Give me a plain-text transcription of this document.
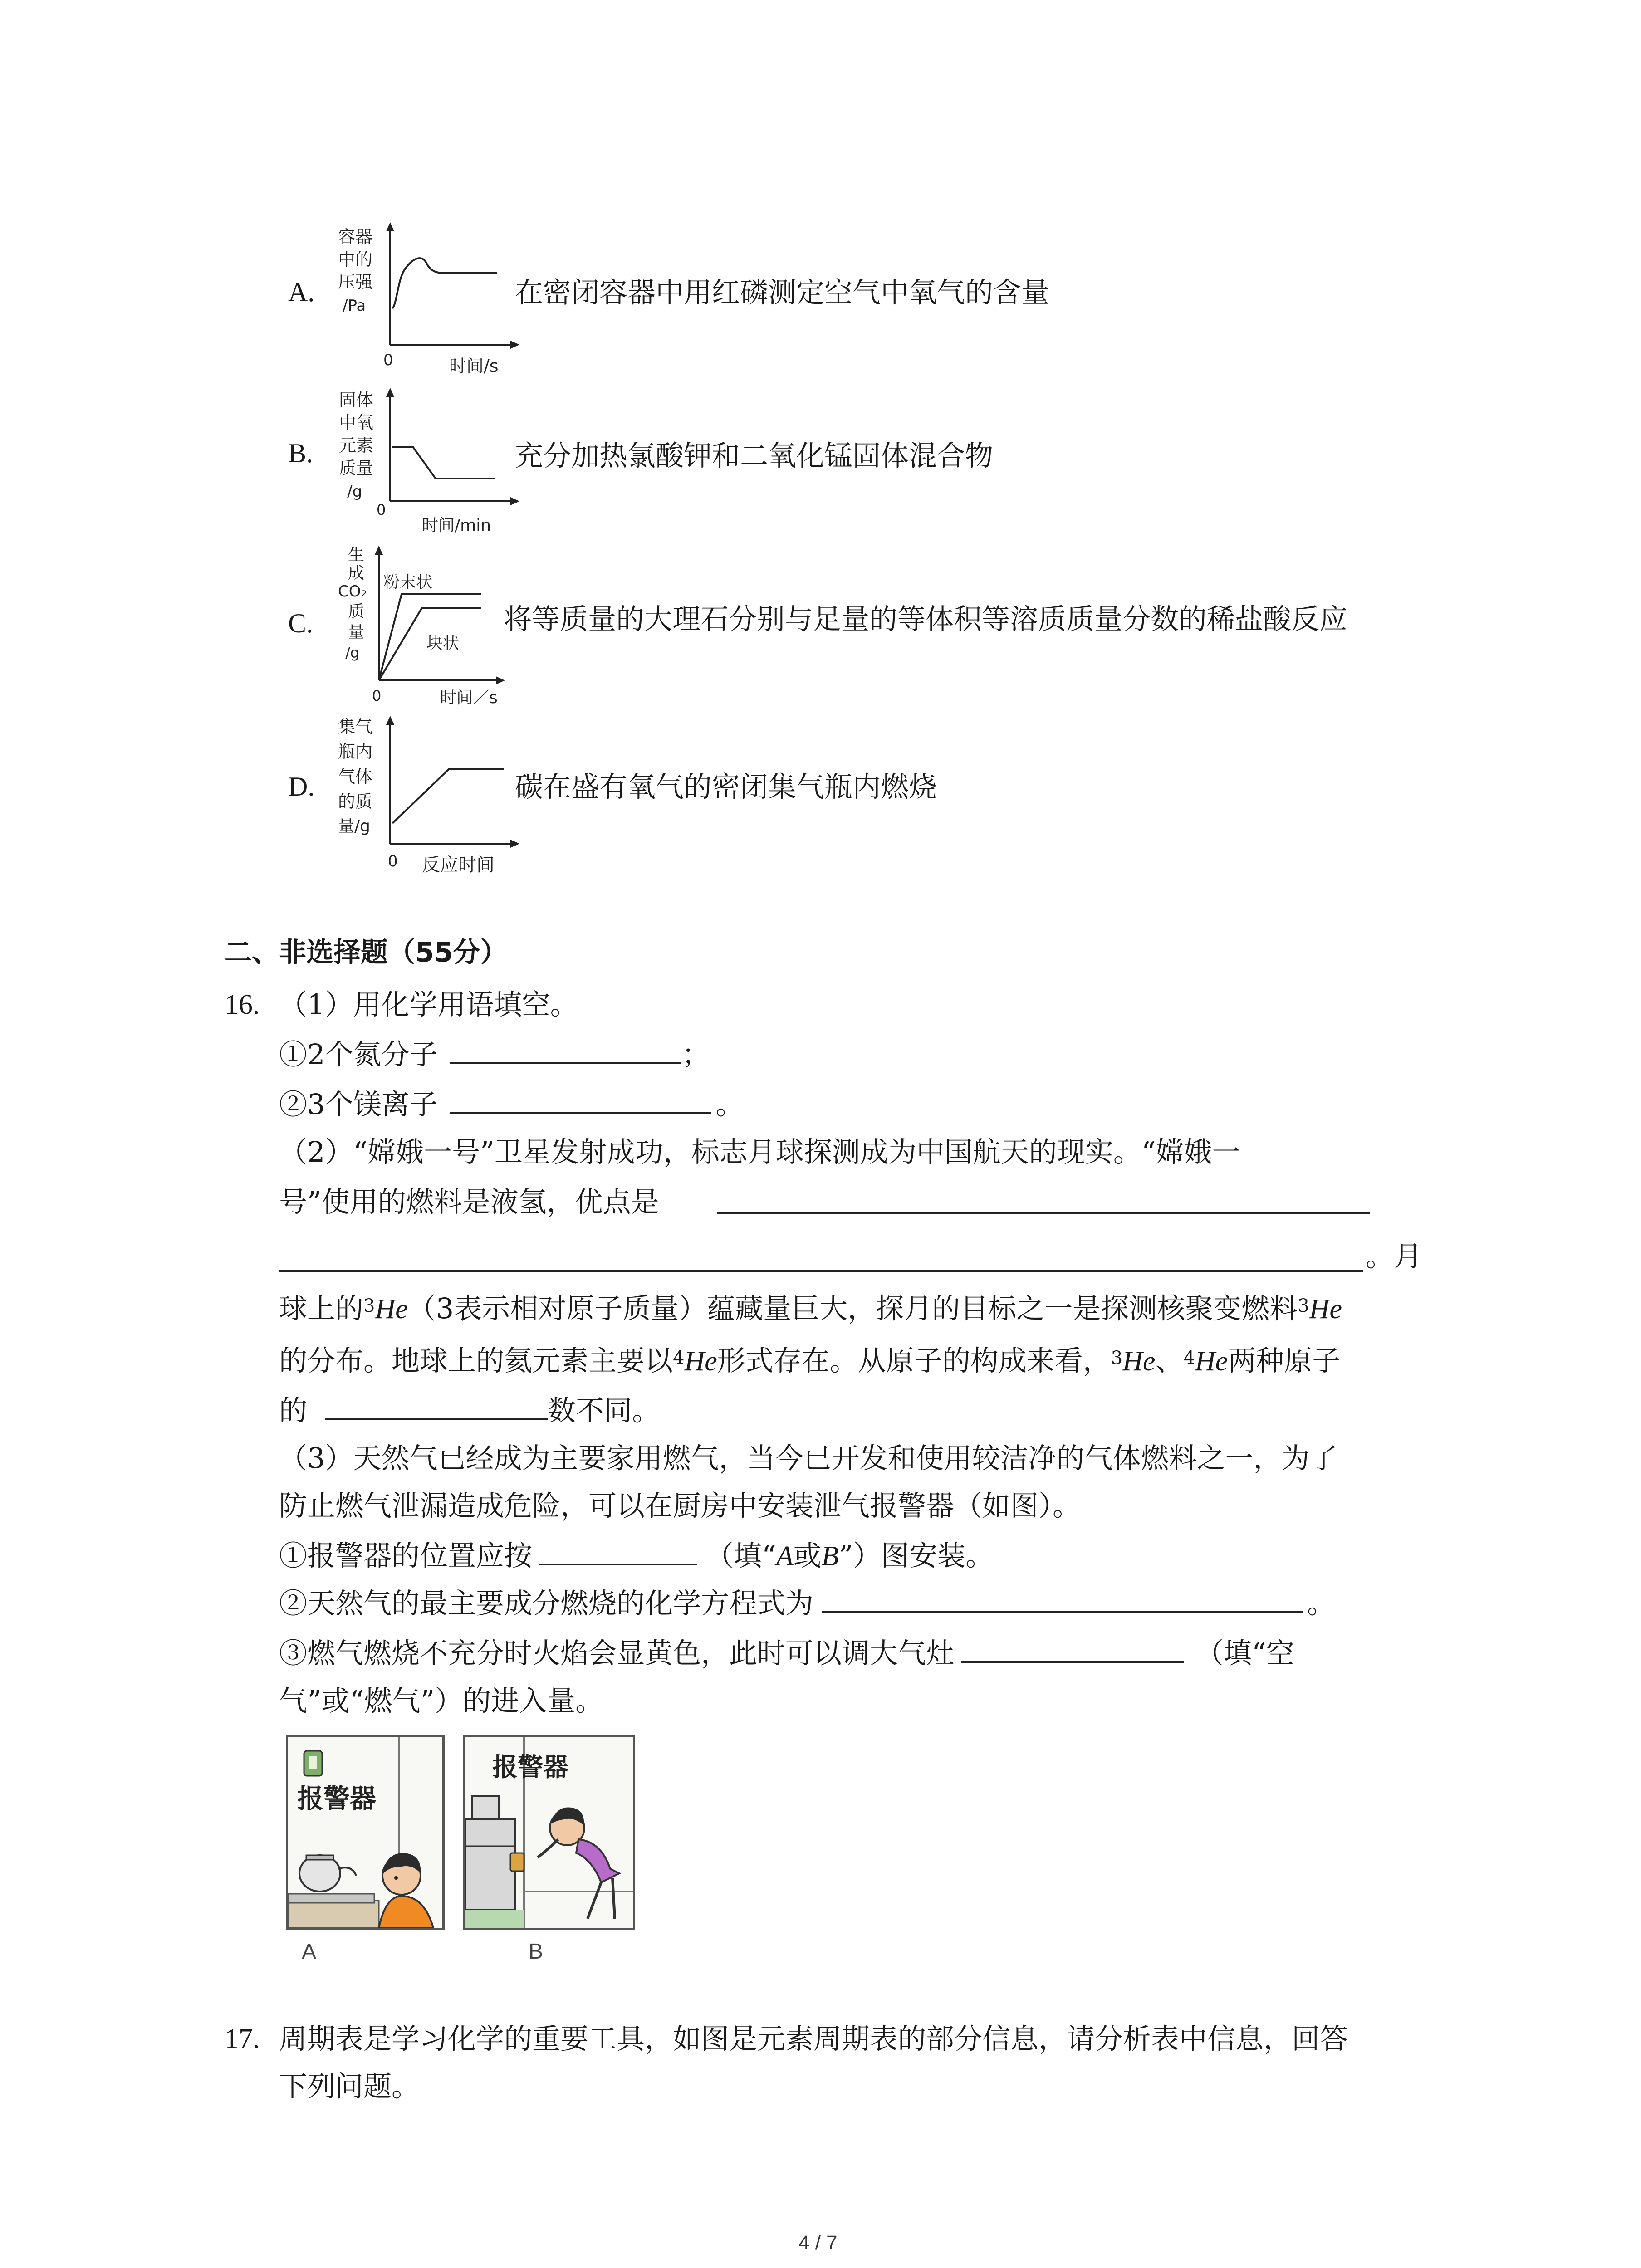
A.
容器
中的
压强
/Pa
0	时间/s
在密闭容器中用红磷测定空气中氧气的含量
B.
固体
中氧
元素
质量
/g
0
时间/min
充分加热氯酸钾和二氧化锰固体混合物
C.
生
成
CO₂
质
量
/g
粉末状
块状
0	时间／s
将等质量的大理石分别与足量的等体积等溶质质量分数的稀盐酸反应
D.
集气
瓶内
气体
的质
量/g
0 反应时间
碳在盛有氧气的密闭集气瓶内燃烧
二、非选择题（55分）
16. （1）用化学用语填空。
①2个氮分子	；
②3个镁离子	。
（2）“嫦娥一号”卫星发射成功，标志月球探测成为中国航天的现实。“嫦娥一
号”使用的燃料是液氢，优点是
。月
球上的$^3$He（3表示相对原子质量）蕴藏量巨大，探月的目标之一是探测核聚变燃料$^3$He
的分布。地球上的氦元素主要以$^4$He形式存在。从原子的构成来看，$^3$He、$^4$He两种原子
的	数不同。
（3）天然气已经成为主要家用燃气，当今已开发和使用较洁净的气体燃料之一，为了
防止燃气泄漏造成危险，可以在厨房中安装泄气报警器（如图）。
①报警器的位置应按	（填“A或B”）图安装。
②天然气的最主要成分燃烧的化学方程式为	。
③燃气燃烧不充分时火焰会显黄色，此时可以调大气灶	（填“空
气”或“燃气”）的进入量。
报警器
A
报警器
B
17. 周期表是学习化学的重要工具，如图是元素周期表的部分信息，请分析表中信息，回答
下列问题。
4 / 7
